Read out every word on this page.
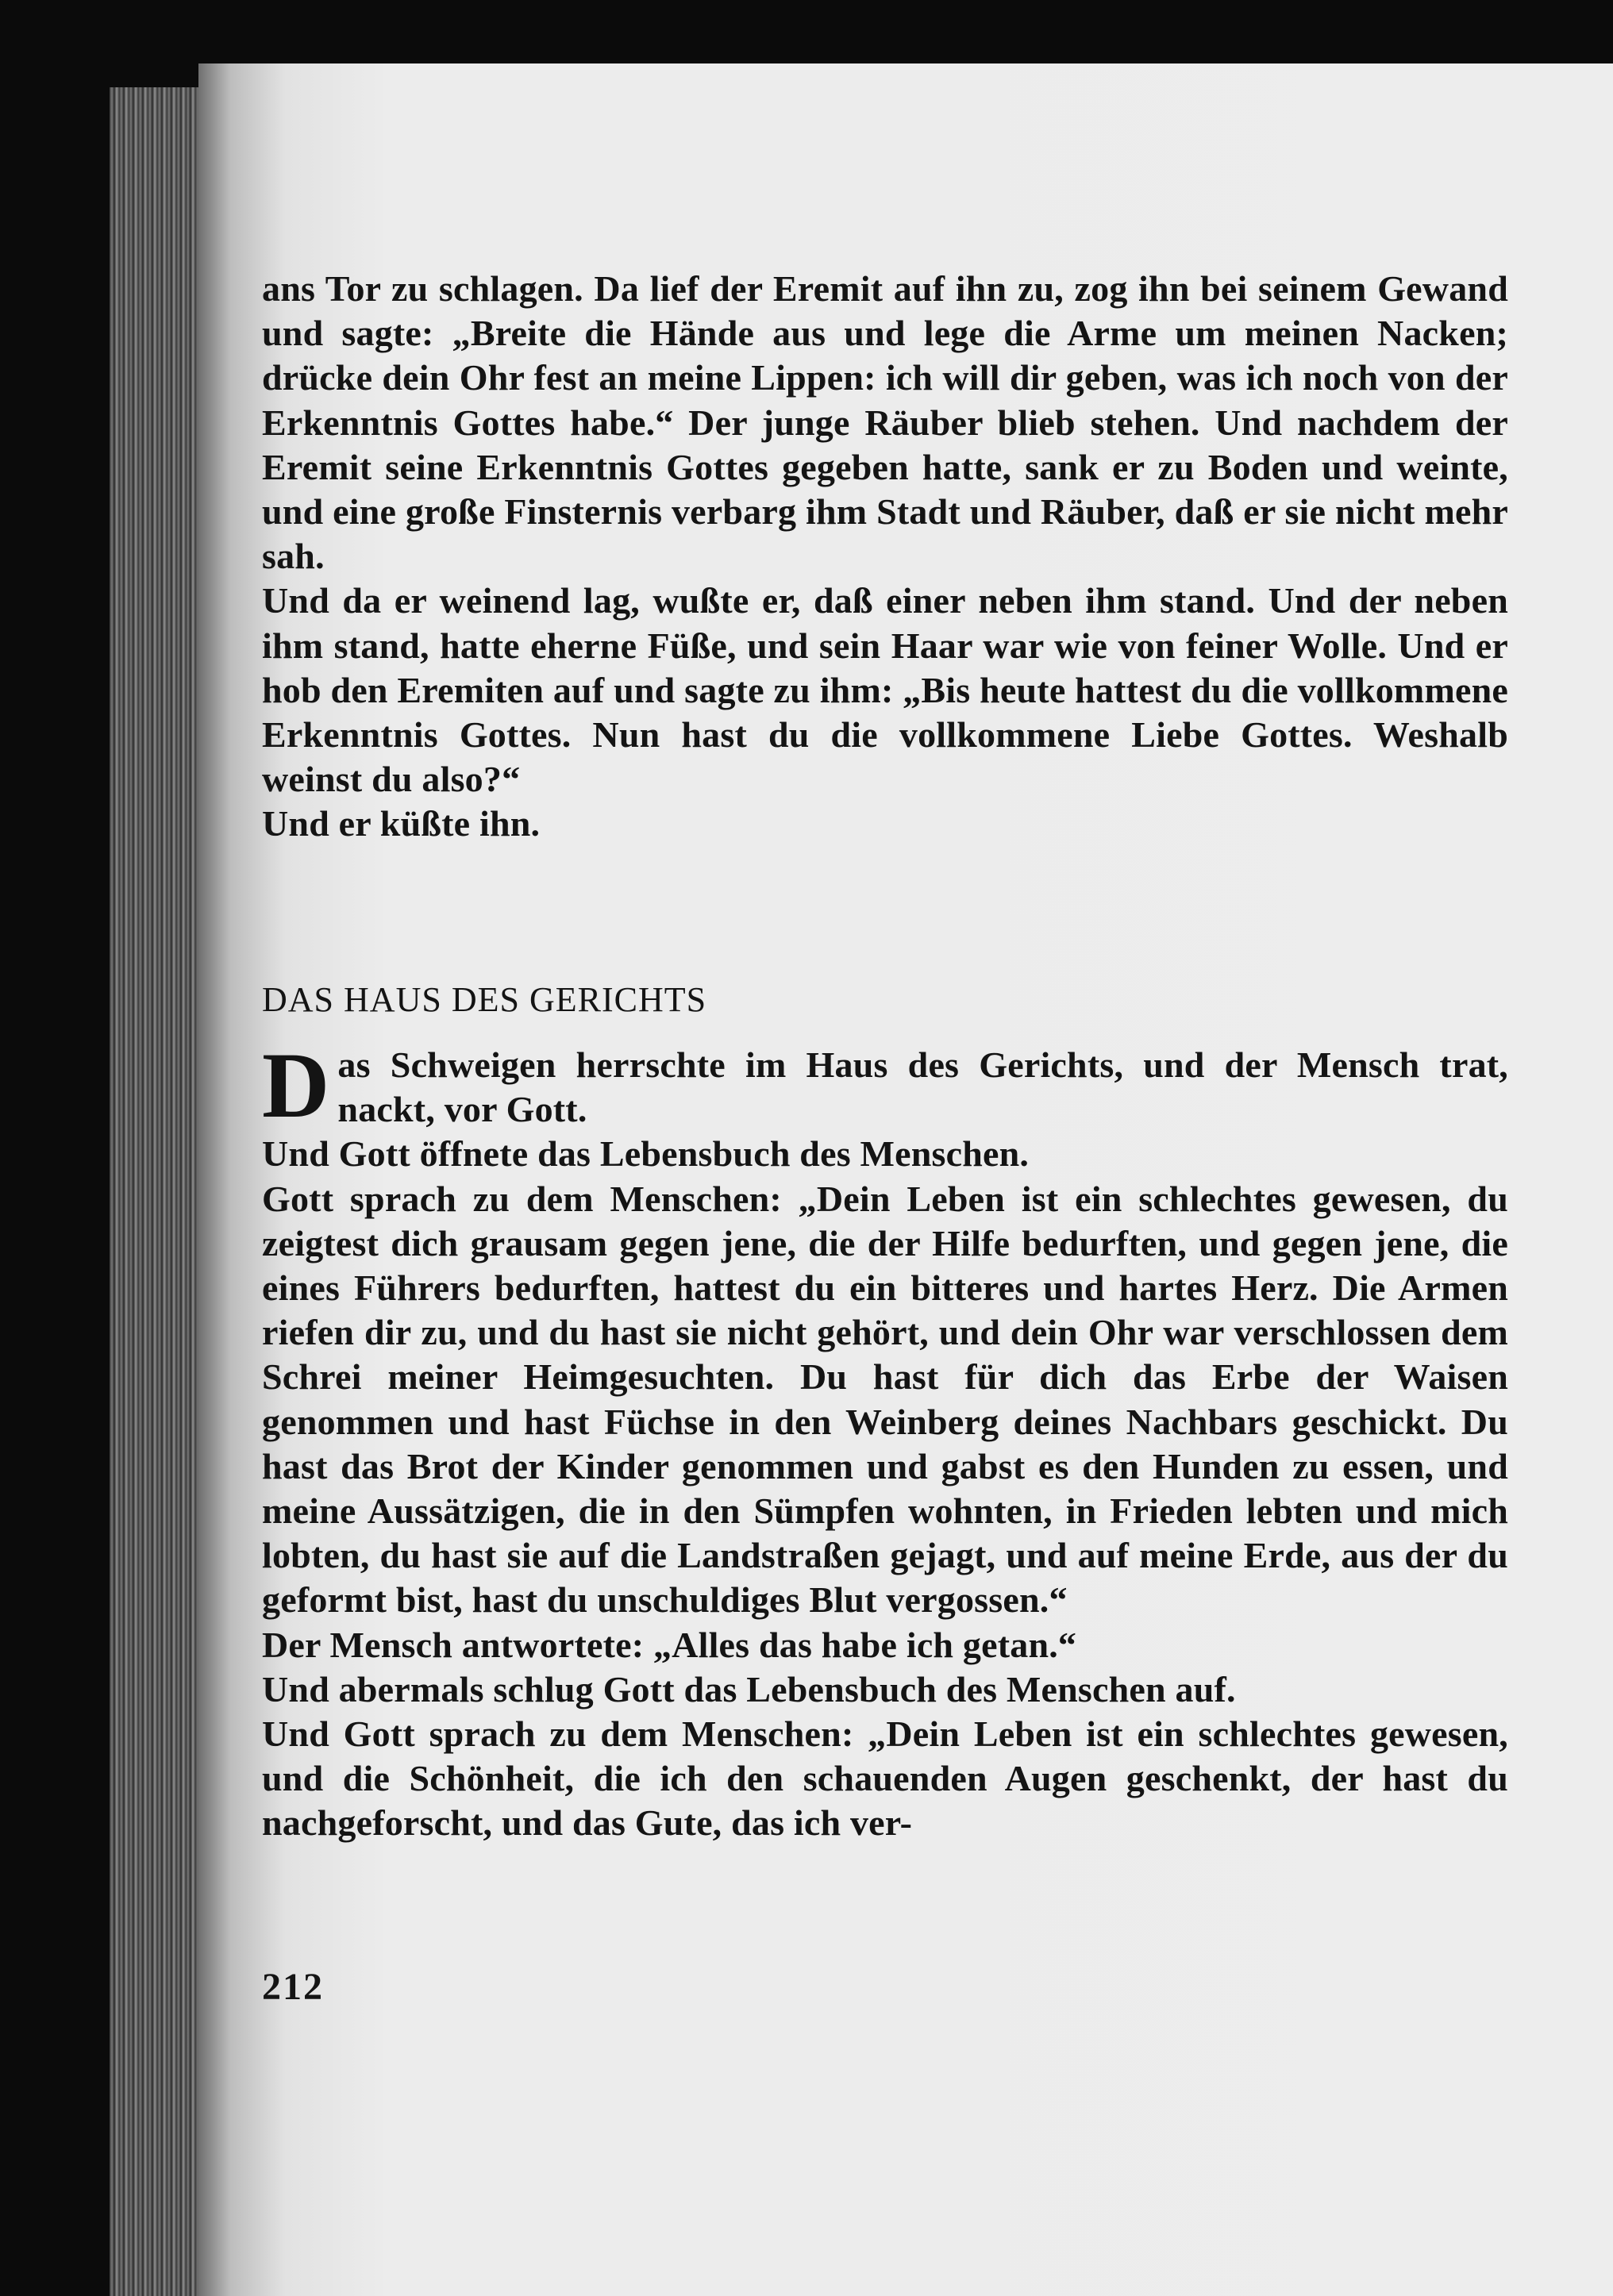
ans Tor zu schlagen. Da lief der Eremit auf ihn zu, zog ihn bei seinem Gewand und sagte: „Breite die Hände aus und lege die Arme um meinen Nacken; drücke dein Ohr fest an meine Lippen: ich will dir geben, was ich noch von der Erkenntnis Gottes habe.“ Der junge Räuber blieb stehen. Und nachdem der Eremit seine Erkenntnis Gottes gegeben hatte, sank er zu Boden und weinte, und eine große Finsternis verbarg ihm Stadt und Räuber, daß er sie nicht mehr sah.

Und da er weinend lag, wußte er, daß einer neben ihm stand. Und der neben ihm stand, hatte eherne Füße, und sein Haar war wie von feiner Wolle. Und er hob den Eremiten auf und sagte zu ihm: „Bis heute hattest du die vollkommene Erkenntnis Gottes. Nun hast du die vollkommene Liebe Gottes. Weshalb weinst du also?“

Und er küßte ihn.

DAS HAUS DES GERICHTS

D as Schweigen herrschte im Haus des Gerichts, und der Mensch trat, nackt, vor Gott.

Und Gott öffnete das Lebensbuch des Menschen.

Gott sprach zu dem Menschen: „Dein Leben ist ein schlechtes gewesen, du zeigtest dich grausam gegen jene, die der Hilfe bedurften, und gegen jene, die eines Führers bedurften, hattest du ein bitteres und hartes Herz. Die Armen riefen dir zu, und du hast sie nicht gehört, und dein Ohr war verschlossen dem Schrei meiner Heimgesuchten. Du hast für dich das Erbe der Waisen genommen und hast Füchse in den Weinberg deines Nachbars geschickt. Du hast das Brot der Kinder genommen und gabst es den Hunden zu essen, und meine Aussätzigen, die in den Sümpfen wohnten, in Frieden lebten und mich lobten, du hast sie auf die Landstraßen gejagt, und auf meine Erde, aus der du geformt bist, hast du unschuldiges Blut vergossen.“

Der Mensch antwortete: „Alles das habe ich getan.“

Und abermals schlug Gott das Lebensbuch des Menschen auf.

Und Gott sprach zu dem Menschen: „Dein Leben ist ein schlechtes gewesen, und die Schönheit, die ich den schauenden Augen geschenkt, der hast du nachgeforscht, und das Gute, das ich ver-

212
